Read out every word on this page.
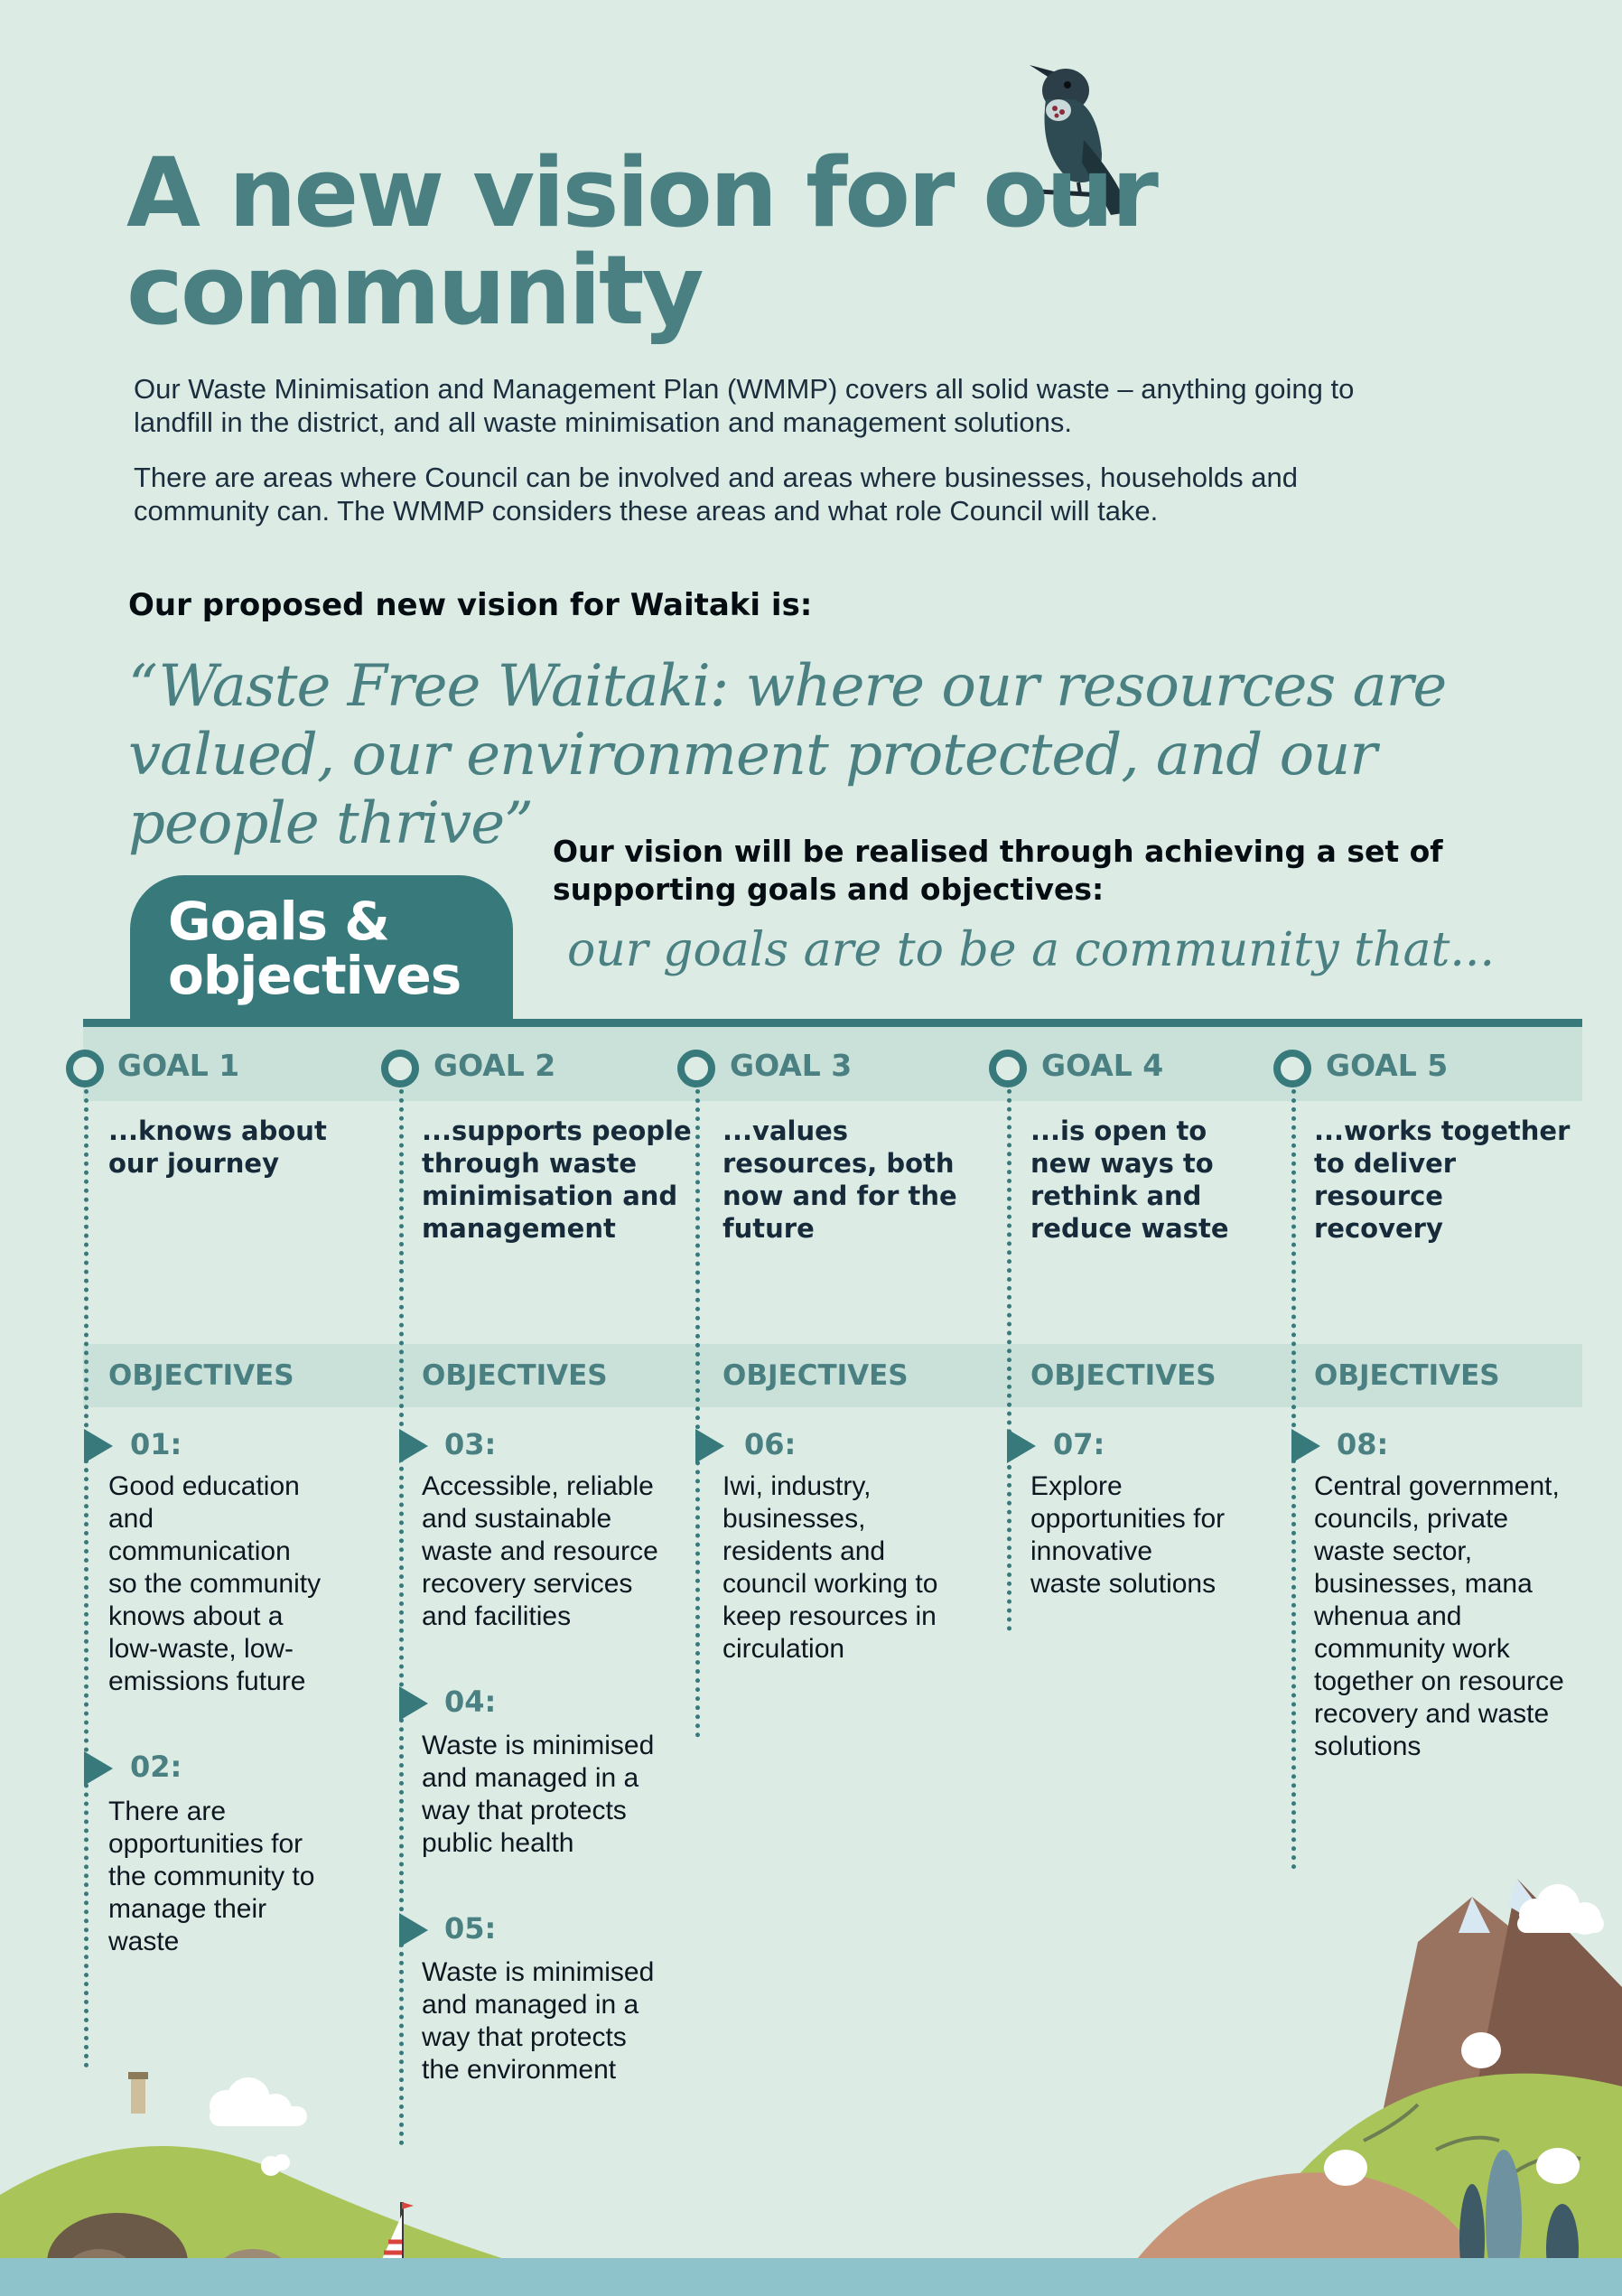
A new vision for our community

Our Waste Minimisation and Management Plan (WMMP) covers all solid waste – anything going to landfill in the district, and all waste minimisation and management solutions.

There are areas where Council can be involved and areas where businesses, households and community can. The WMMP considers these areas and what role Council will take.

Our proposed new vision for Waitaki is:

“Waste Free Waitaki: where our resources are valued, our environment protected, and our people thrive”

Goals & objectives

Our vision will be realised through achieving a set of supporting goals and objectives:

our goals are to be a community that...

GOAL 1

...knows about our journey

OBJECTIVES

01:

Good education and communication so the community knows about a low-waste, low-emissions future

02:

There are opportunities for the community to manage their waste

GOAL 2

...supports people through waste minimisation and management

OBJECTIVES

03:

Accessible, reliable and sustainable waste and resource recovery services and facilities

04:

Waste is minimised and managed in a way that protects public health

05:

Waste is minimised and managed in a way that protects the environment

GOAL 3

...values resources, both now and for the future

OBJECTIVES

06:

Iwi, industry, businesses, residents and council working to keep resources in circulation

GOAL 4

...is open to new ways to rethink and reduce waste

OBJECTIVES

07:

Explore opportunities for innovative waste solutions

GOAL 5

...works together to deliver resource recovery

OBJECTIVES

08:

Central government, councils, private waste sector, businesses, mana whenua and community work together on resource recovery and waste solutions
